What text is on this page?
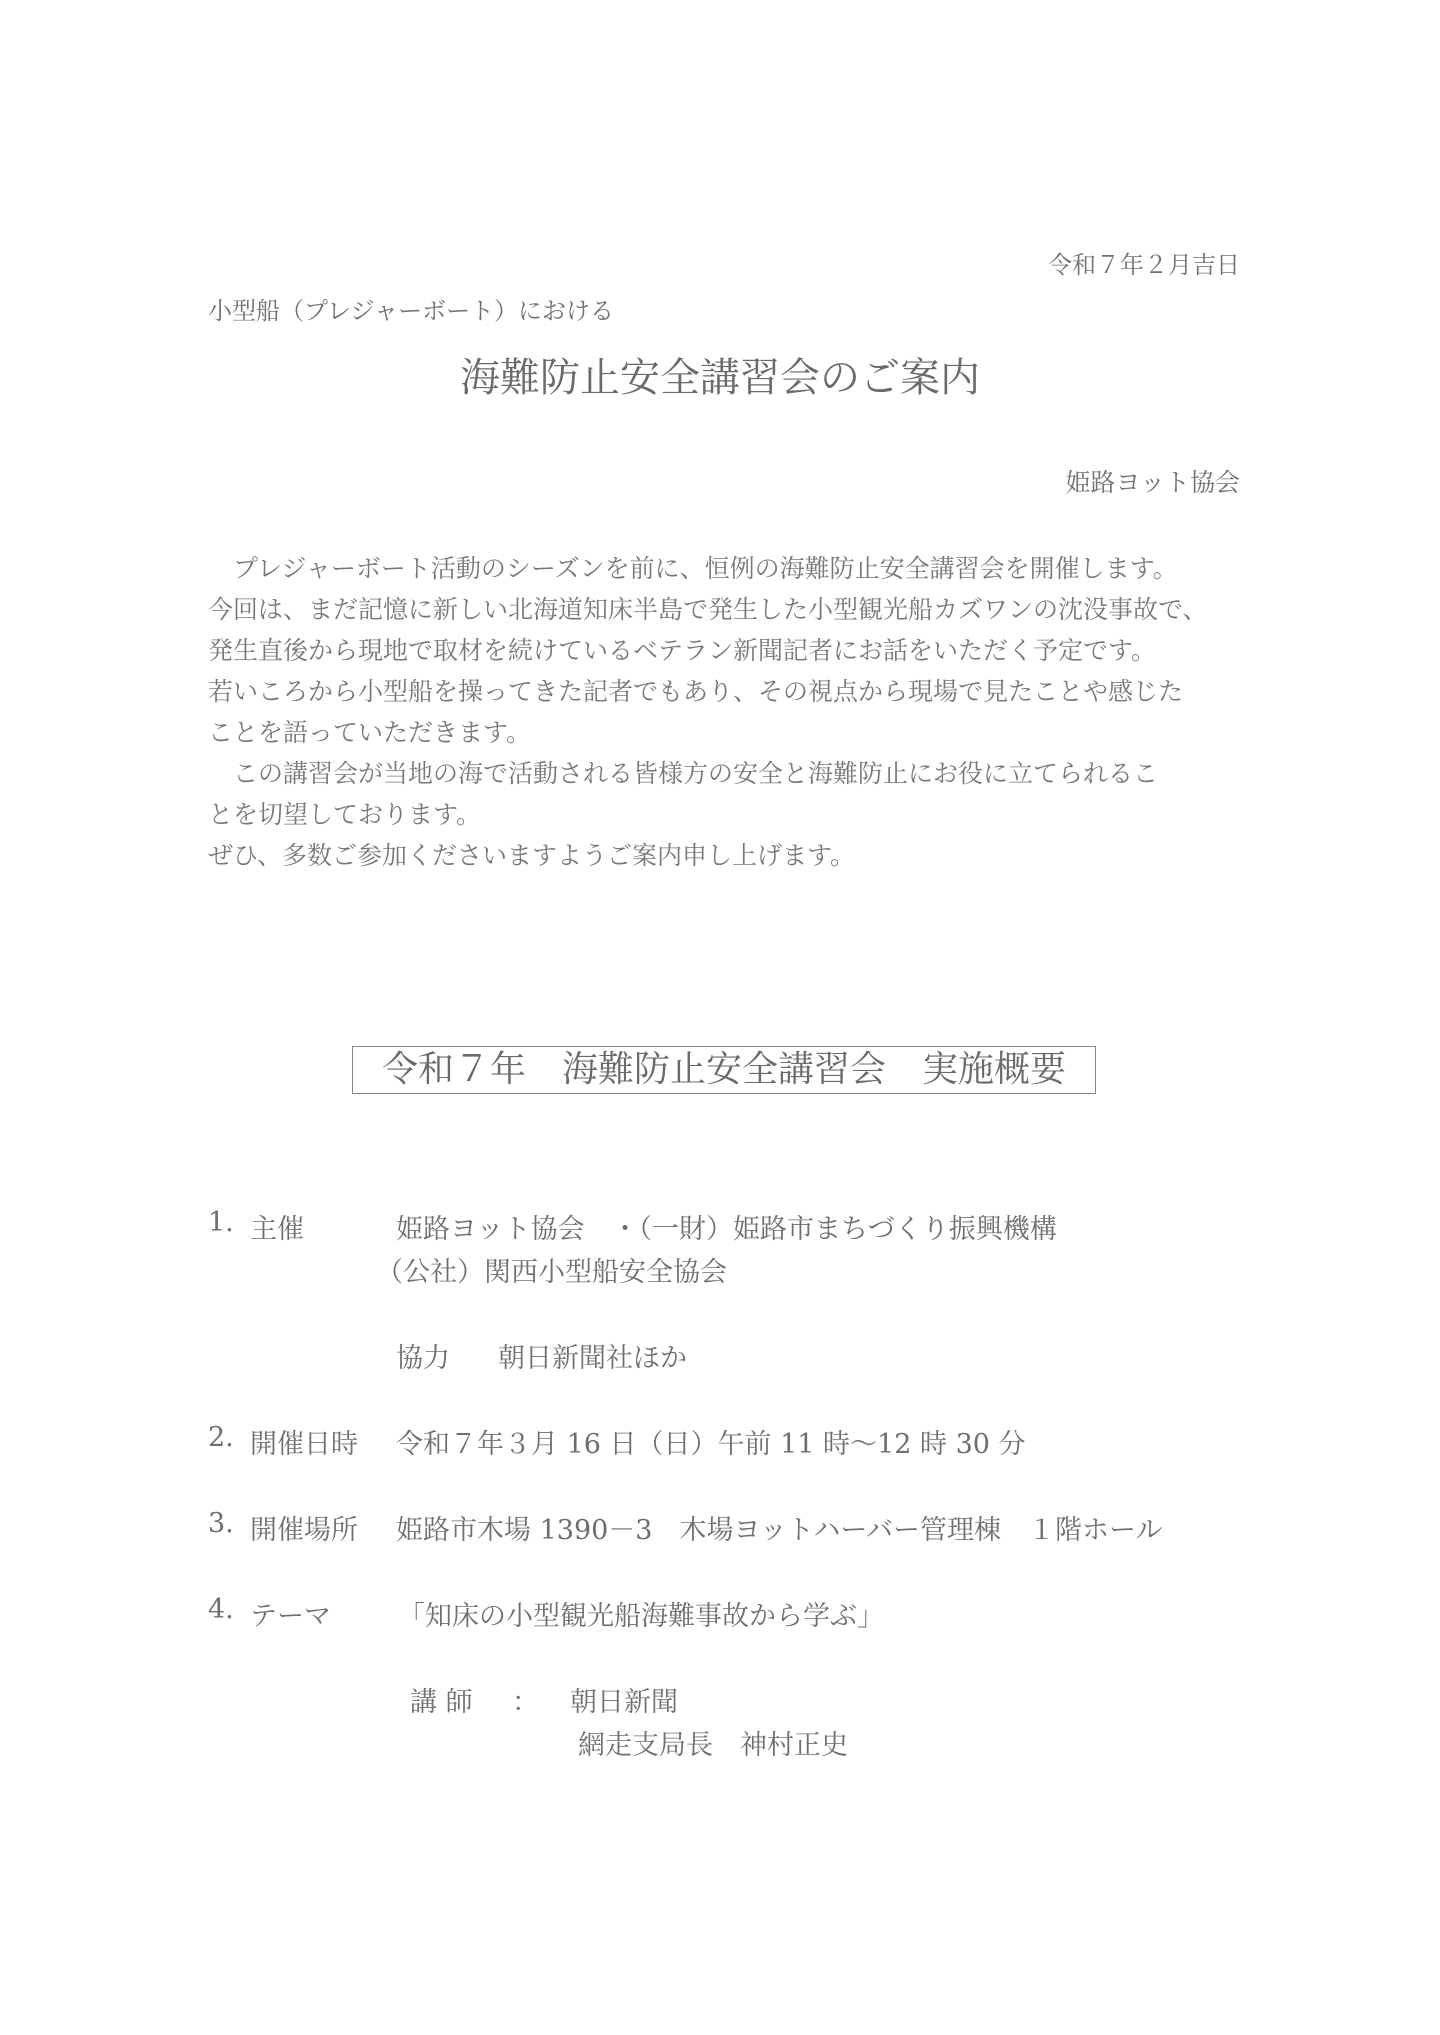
令和７年２月吉日
小型船（プレジャーボート）における
海難防止安全講習会のご案内
姫路ヨット協会

　プレジャーボート活動のシーズンを前に、恒例の海難防止安全講習会を開催します。

今回は、まだ記憶に新しい北海道知床半島で発生した小型観光船カズワンの沈没事故で、

発生直後から現地で取材を続けているベテラン新聞記者にお話をいただく予定です。

若いころから小型船を操ってきた記者でもあり、その視点から現場で見たことや感じた

ことを語っていただきます。

　この講習会が当地の海で活動される皆様方の安全と海難防止にお役に立てられるこ

とを切望しております。

ぜひ、多数ご参加くださいますようご案内申し上げます。

令和７年　海難防止安全講習会　実施概要
1. 主催	姫路ヨット協会　・（一財）姫路市まちづくり振興機構
（公社）関西小型船安全協会
協力 朝日新聞社ほか
2. 開催日時 令和７年３月 16 日（日）午前 11 時～12 時 30 分
3. 開催場所 姫路市木場 1390－3　木場ヨットハーバー管理棟　１階ホール
4. テーマ 「知床の小型観光船海難事故から学ぶ」
講 師 ： 朝日新聞
網走支局長　神村正史
